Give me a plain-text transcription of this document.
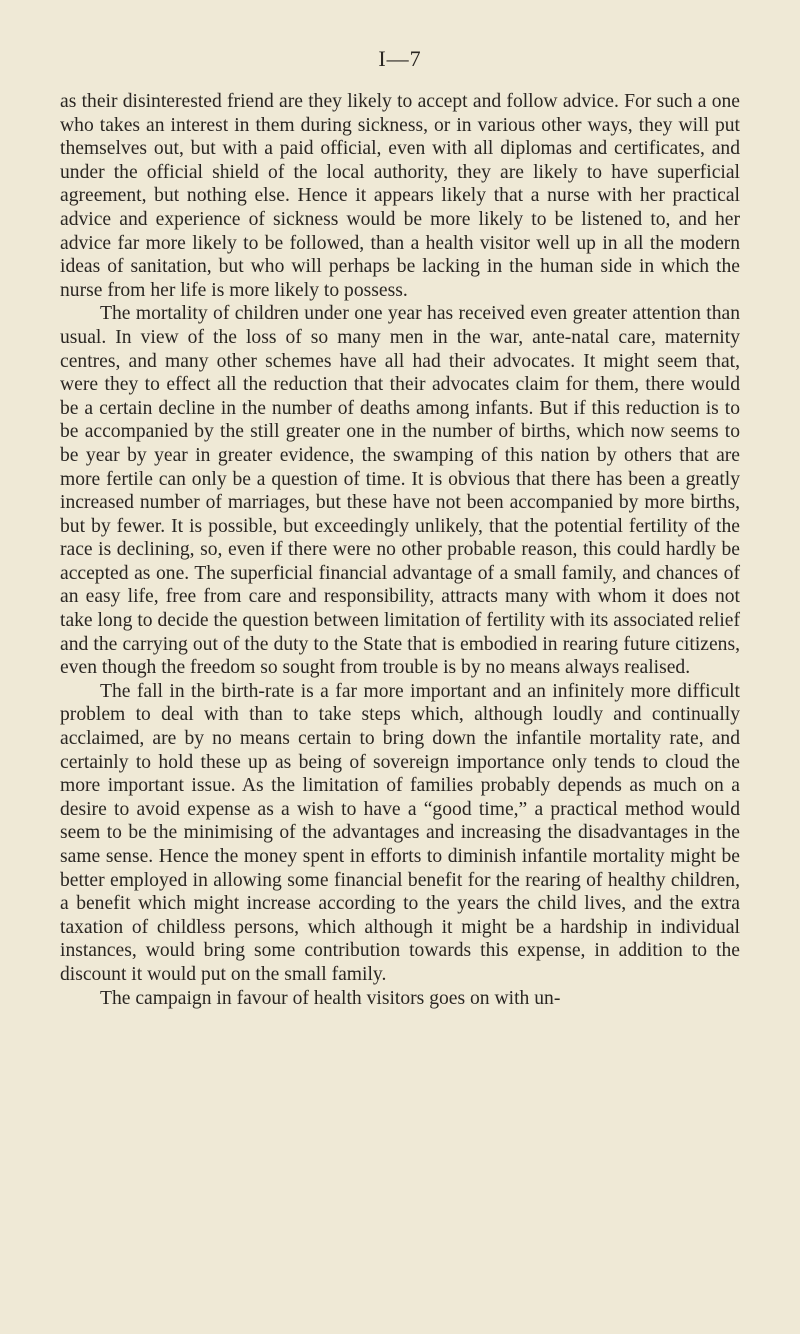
I—7

as their disinterested friend are they likely to accept and follow advice. For such a one who takes an interest in them during sickness, or in various other ways, they will put themselves out, but with a paid official, even with all diplomas and certificates, and under the official shield of the local authority, they are likely to have superficial agreement, but nothing else. Hence it appears likely that a nurse with her practical advice and experience of sickness would be more likely to be listened to, and her advice far more likely to be followed, than a health visitor well up in all the modern ideas of sanitation, but who will perhaps be lacking in the human side in which the nurse from her life is more likely to possess.

The mortality of children under one year has received even greater attention than usual. In view of the loss of so many men in the war, ante-natal care, maternity centres, and many other schemes have all had their advocates. It might seem that, were they to effect all the reduction that their advocates claim for them, there would be a certain decline in the number of deaths among infants. But if this reduction is to be accompanied by the still greater one in the number of births, which now seems to be year by year in greater evidence, the swamping of this nation by others that are more fertile can only be a question of time. It is obvious that there has been a greatly increased number of marriages, but these have not been accompanied by more births, but by fewer. It is possible, but exceedingly unlikely, that the potential fertility of the race is declining, so, even if there were no other probable reason, this could hardly be accepted as one. The superficial financial advantage of a small family, and chances of an easy life, free from care and responsibility, attracts many with whom it does not take long to decide the question between limitation of fertility with its associated relief and the carrying out of the duty to the State that is embodied in rearing future citizens, even though the freedom so sought from trouble is by no means always realised.

The fall in the birth-rate is a far more important and an infinitely more difficult problem to deal with than to take steps which, although loudly and continually acclaimed, are by no means certain to bring down the infantile mortality rate, and certainly to hold these up as being of sovereign importance only tends to cloud the more important issue. As the limitation of families probably depends as much on a desire to avoid expense as a wish to have a “good time,” a practical method would seem to be the minimising of the advantages and increasing the disadvantages in the same sense. Hence the money spent in efforts to diminish infantile mortality might be better employed in allowing some financial benefit for the rearing of healthy children, a benefit which might increase according to the years the child lives, and the extra taxation of childless persons, which although it might be a hardship in individual instances, would bring some contribution towards this expense, in addition to the discount it would put on the small family.

The campaign in favour of health visitors goes on with un-
